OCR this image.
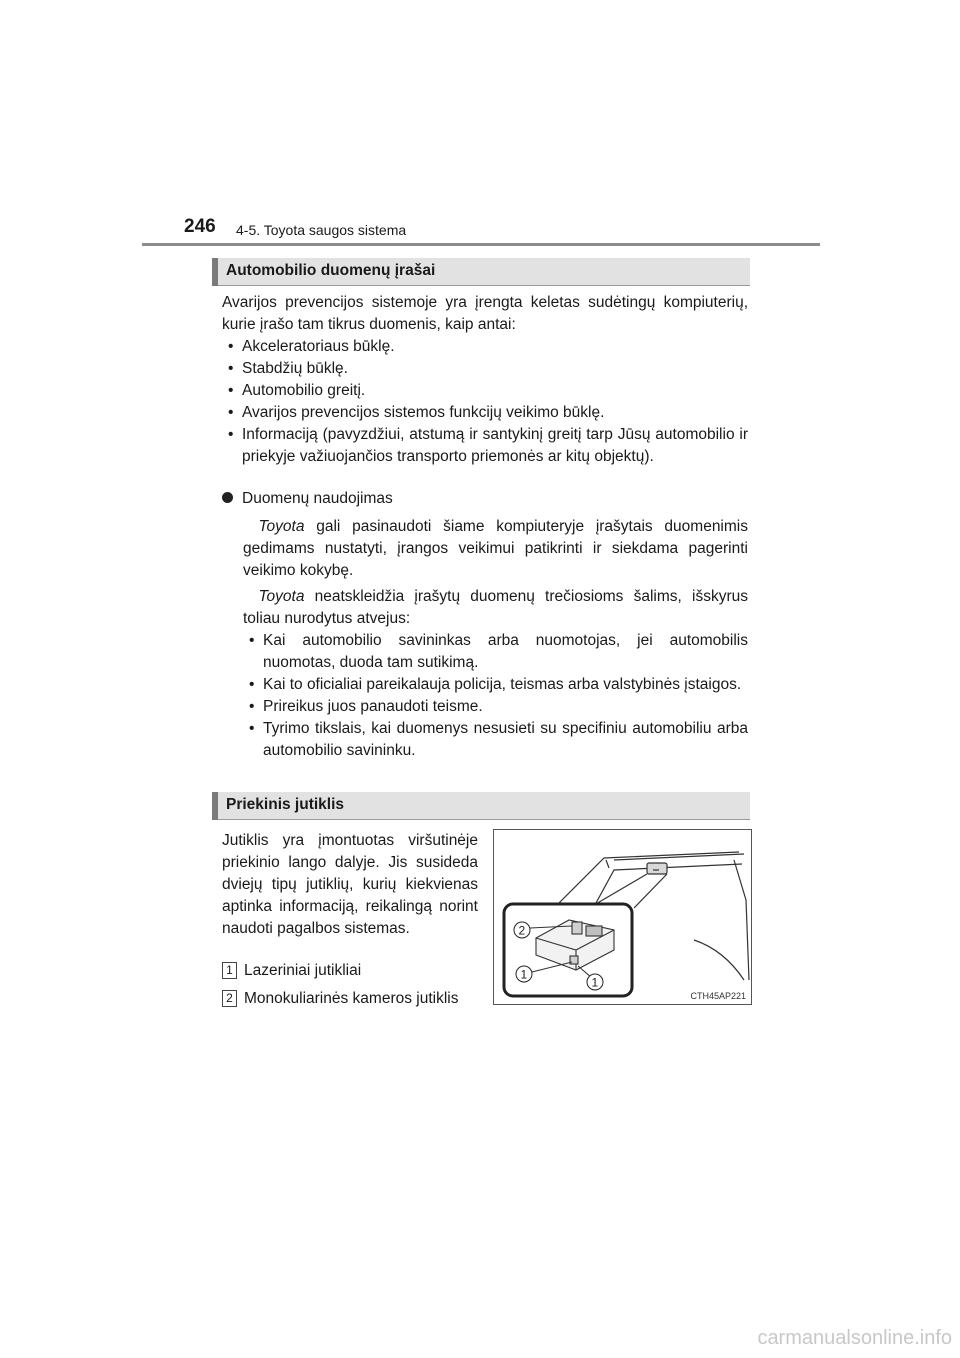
246 4-5. Toyota saugos sistema
Automobilio duomenų įrašai
Avarijos prevencijos sistemoje yra įrengta keletas sudėtingų kompiuterių, kurie įrašo tam tikrus duomenis, kaip antai:
• Akceleratoriaus būklę.
• Stabdžių būklę.
• Automobilio greitį.
• Avarijos prevencijos sistemos funkcijų veikimo būklę.
• Informaciją (pavyzdžiui, atstumą ir santykinį greitį tarp Jūsų automobilio ir priekyje važiuojančios transporto priemonės ar kitų objektų).
Duomenų naudojimas
 Toyota gali pasinaudoti šiame kompiuteryje įrašytais duomenimis gedimams nustatyti, įrangos veikimui patikrinti ir siekdama pagerinti veikimo kokybę.
 Toyota neatskleidžia įrašytų duomenų trečiosioms šalims, išskyrus toliau nurodytus atvejus:
• Kai automobilio savininkas arba nuomotojas, jei automobilis nuomotas, duoda tam sutikimą.
• Kai to oficialiai pareikalauja policija, teismas arba valstybinės įstaigos.
• Prireikus juos panaudoti teisme.
• Tyrimo tikslais, kai duomenys nesusieti su specifiniu automobiliu arba automobilio savininku.
Priekinis jutiklis
Jutiklis yra įmontuotas viršutinėje priekinio lango dalyje. Jis susideda dviejų tipų jutiklių, kurių kiekvienas aptinka informaciją, reikalingą norint naudoti pagalbos sistemas.
1 Lazeriniai jutikliai
2 Monokuliarinės kameros jutiklis
2
1
1
CTH45AP221
carmanualsonline.info
